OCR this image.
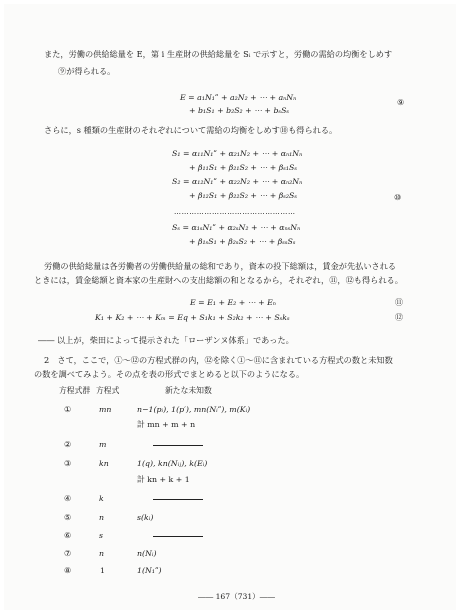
また，労働の供給総量を E，第 i 生産財の供給総量を Sᵢ で示すと，労働の需給の均衡をしめす
⑨が得られる。
E = a₁N₁ʺ + a₂N₂ + ⋯ + aₙNₙ
+ b₁S₁ + b₂S₂ + ⋯ + bₛSₛ
⑨
さらに，s 種類の生産財のそれぞれについて需給の均衡をしめす⑩も得られる。
S₁ = α₁₁N₁ʺ + α₂₁N₂ + ⋯ + αₙ₁Nₙ
+ β₁₁S₁ + β₂₁S₂ + ⋯ + βₛ₁Sₛ
S₂ = α₁₂N₁ʺ + α₂₂N₂ + ⋯ + αₙ₂Nₙ
+ β₁₂S₁ + β₂₂S₂ + ⋯ + βₛ₂Sₛ
…………………………………………
Sₛ = α₁ₛN₁ʺ + α₂ₛN₂ + ⋯ + αₙₛNₙ
+ β₁ₛS₁ + β₂ₛS₂ + ⋯ + βₛₛSₛ
⑩
労働の供給総量は各労働者の労働供給量の総和であり，資本の投下総額は，賃金が先払いされる
ときには，賃金総額と資本家の生産財への支出総額の和となるから，それぞれ，⑪，⑫も得られる。
E = E₁ + E₂ + ⋯ + Eₙ	⑪
K₁ + K₂ + ⋯ + Kₘ = Eq + S₁k₁ + S₂k₂ + ⋯ + Sₛkₛ	⑫
―― 以上が，柴田によって提示された「ローザンヌ体系」であった。
2　さて，ここで，①〜⑫の方程式群の内，⑫を除く①〜⑪に含まれている方程式の数と未知数
の数を調べてみよう。その点を表の形式でまとめると以下のようになる。
方程式群 方程式	新たな未知数
①	mn	n−1(pᵢ), 1(p′), mn(Nᵢʺ), m(Kᵢ)
計 mn + m + n
②	m
③	kn	1(q), kn(Nᵢⱼ), k(Eᵢ)
計 kn + k + 1
④	k
⑤	n	s(kᵢ)
⑥	s
⑦	n	n(Nᵢ)
⑧	1	1(N₁ʺ)
―― 167（731）――
